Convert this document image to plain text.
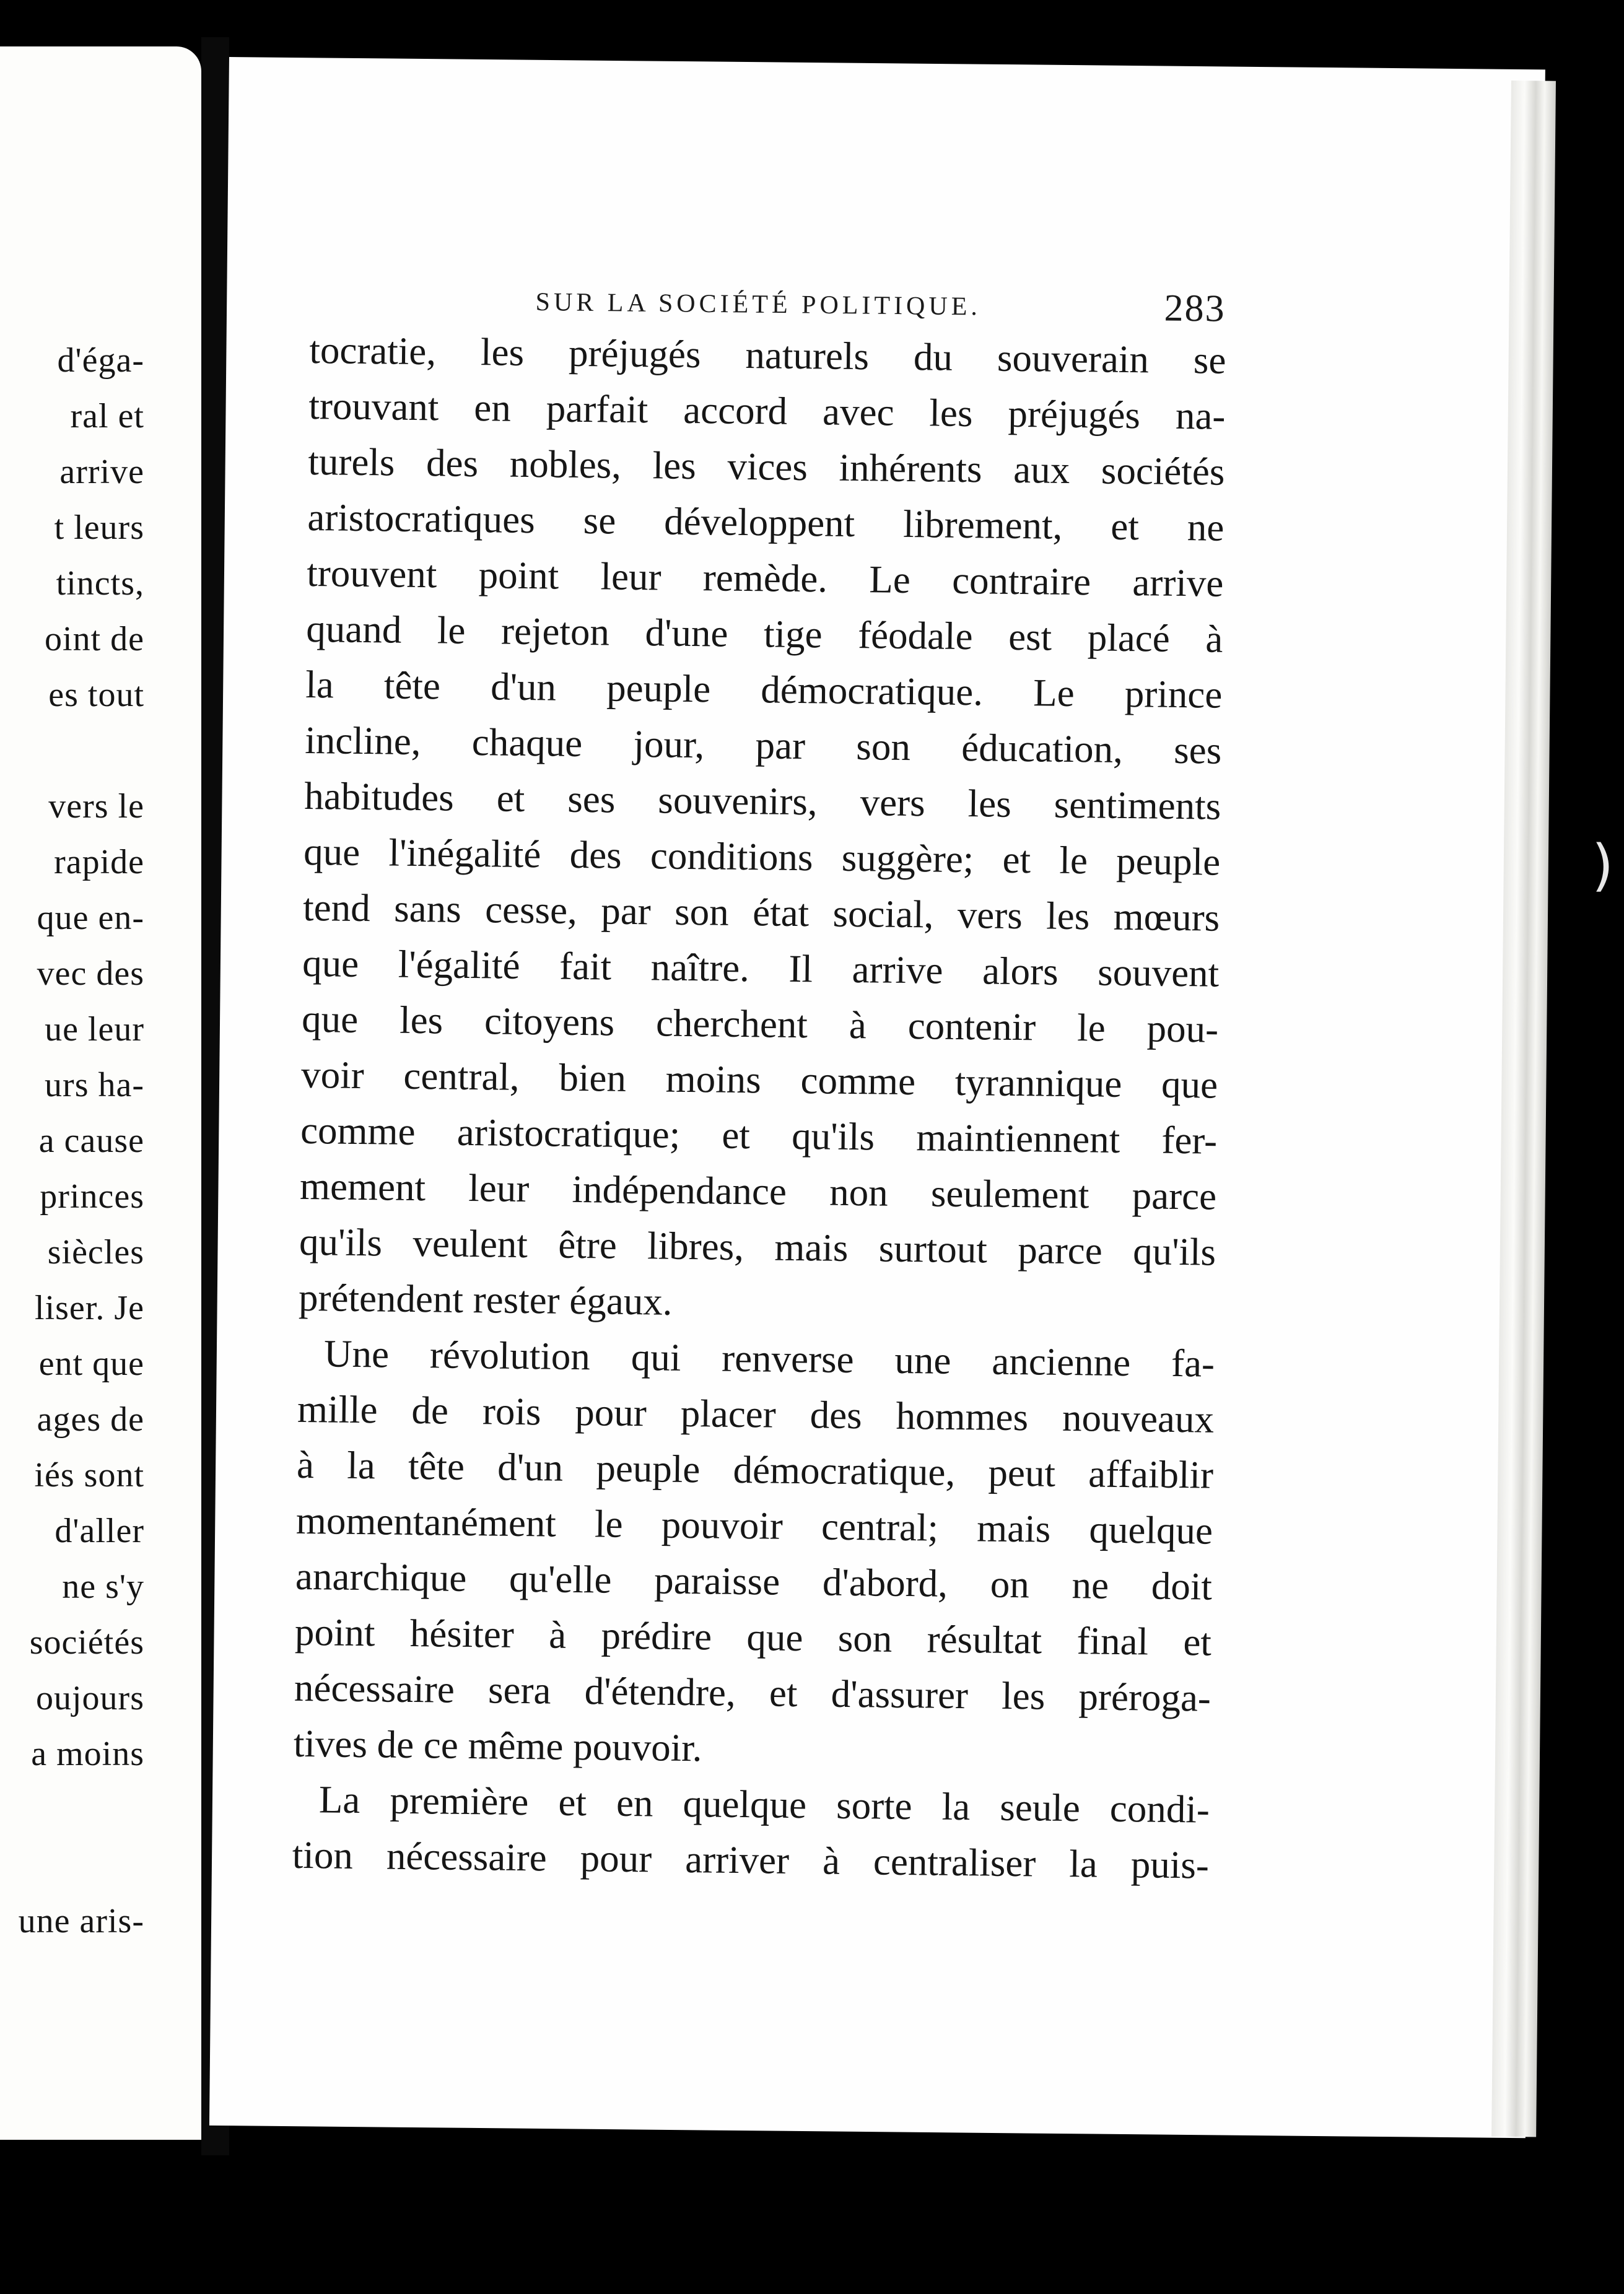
d'éga-
ral et
arrive
t leurs
tincts,
oint de
es tout
vers le
rapide
que en-
vec des
ue leur
urs ha-
a cause
princes
siècles
liser. Je
ent que
ages de
iés sont
d'aller
ne s'y
sociétés
oujours
a moins
une aris-
SUR LA SOCIÉTÉ POLITIQUE.	283
tocratie, les préjugés naturels du souverain se
trouvant en parfait accord avec les préjugés na-
turels des nobles, les vices inhérents aux sociétés
aristocratiques se développent librement, et ne
trouvent point leur remède. Le contraire arrive
quand le rejeton d'une tige féodale est placé à
la tête d'un peuple démocratique. Le prince
incline, chaque jour, par son éducation, ses
habitudes et ses souvenirs, vers les sentiments
que l'inégalité des conditions suggère; et le peuple
tend sans cesse, par son état social, vers les mœurs
que l'égalité fait naître. Il arrive alors souvent
que les citoyens cherchent à contenir le pou-
voir central, bien moins comme tyrannique que
comme aristocratique; et qu'ils maintiennent fer-
mement leur indépendance non seulement parce
qu'ils veulent être libres, mais surtout parce qu'ils
prétendent rester égaux.
Une révolution qui renverse une ancienne fa-
mille de rois pour placer des hommes nouveaux
à la tête d'un peuple démocratique, peut affaiblir
momentanément le pouvoir central; mais quelque
anarchique qu'elle paraisse d'abord, on ne doit
point hésiter à prédire que son résultat final et
nécessaire sera d'étendre, et d'assurer les préroga-
tives de ce même pouvoir.
La première et en quelque sorte la seule condi-
tion nécessaire pour arriver à centraliser la puis-
)
